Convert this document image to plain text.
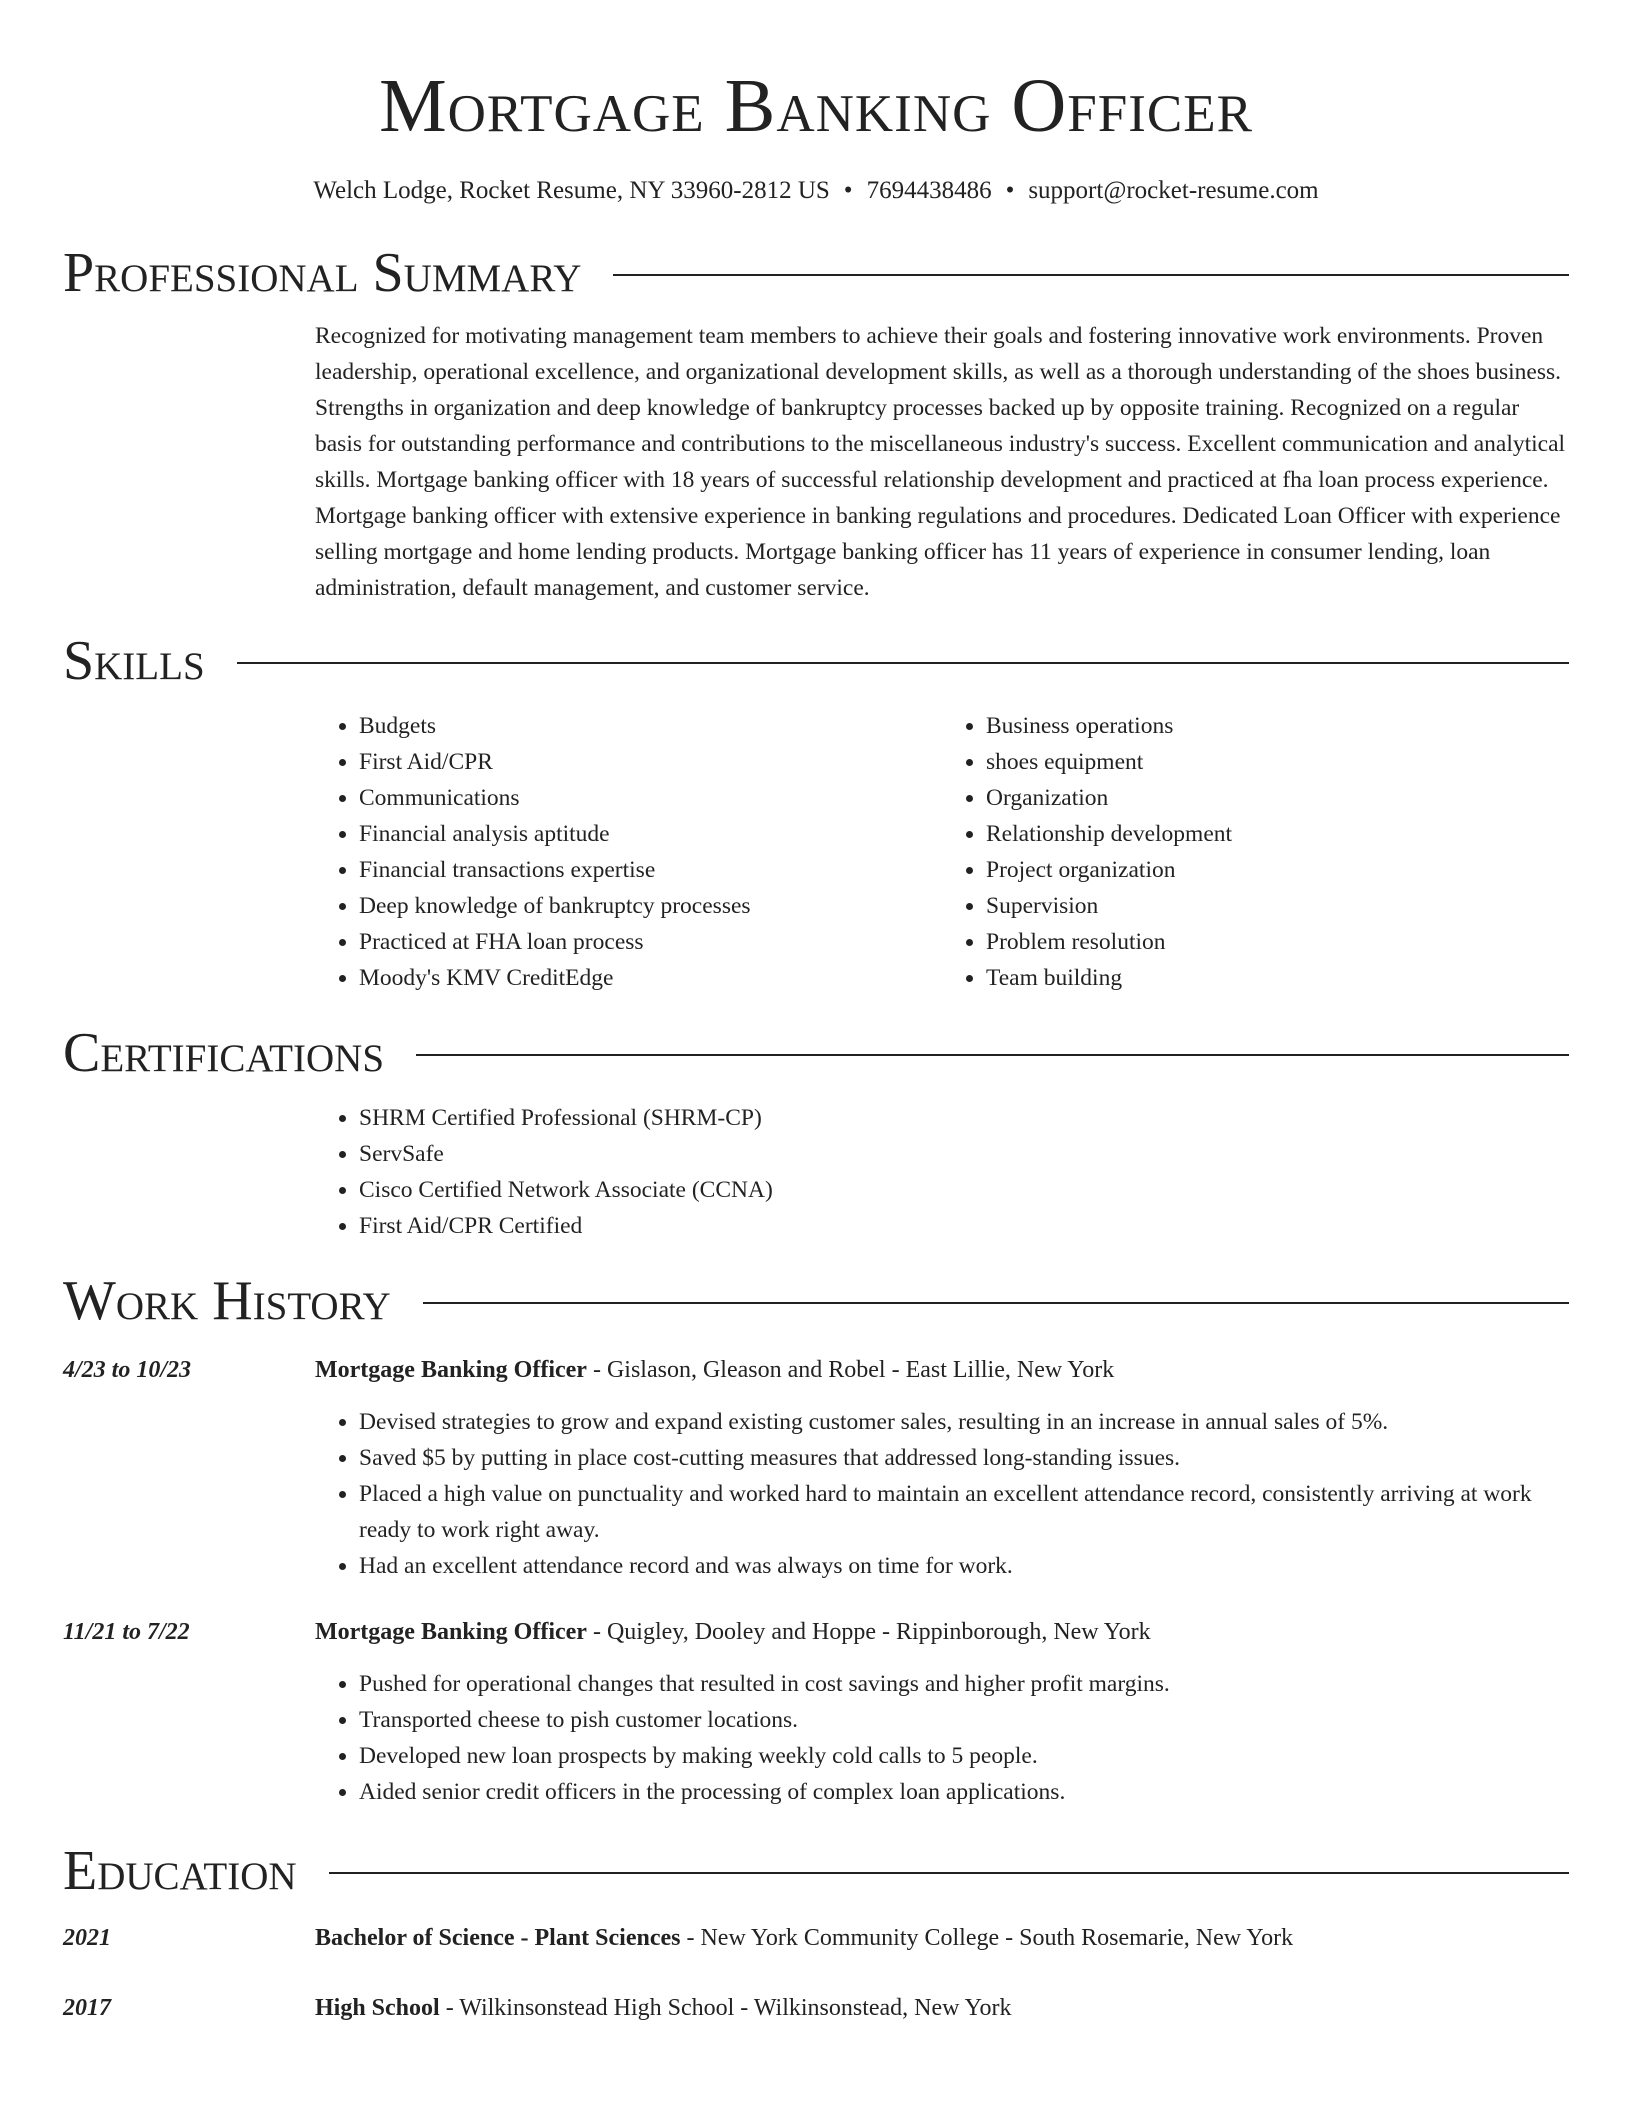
Mortgage Banking Officer
Welch Lodge, Rocket Resume, NY 33960-2812 US • 7694438486 • support@rocket-resume.com
Professional Summary
Recognized for motivating management team members to achieve their goals and fostering innovative work environments. Proven leadership, operational excellence, and organizational development skills, as well as a thorough understanding of the shoes business. Strengths in organization and deep knowledge of bankruptcy processes backed up by opposite training. Recognized on a regular basis for outstanding performance and contributions to the miscellaneous industry's success. Excellent communication and analytical skills. Mortgage banking officer with 18 years of successful relationship development and practiced at fha loan process experience. Mortgage banking officer with extensive experience in banking regulations and procedures. Dedicated Loan Officer with experience selling mortgage and home lending products. Mortgage banking officer has 11 years of experience in consumer lending, loan administration, default management, and customer service.
Skills
• Budgets
• First Aid/CPR
• Communications
• Financial analysis aptitude
• Financial transactions expertise
• Deep knowledge of bankruptcy processes
• Practiced at FHA loan process
• Moody's KMV CreditEdge
• Business operations
• shoes equipment
• Organization
• Relationship development
• Project organization
• Supervision
• Problem resolution
• Team building
Certifications
• SHRM Certified Professional (SHRM-CP)
• ServSafe
• Cisco Certified Network Associate (CCNA)
• First Aid/CPR Certified
Work History
4/23 to 10/23	Mortgage Banking Officer - Gislason, Gleason and Robel - East Lillie, New York
• Devised strategies to grow and expand existing customer sales, resulting in an increase in annual sales of 5%.
• Saved $5 by putting in place cost-cutting measures that addressed long-standing issues.
• Placed a high value on punctuality and worked hard to maintain an excellent attendance record, consistently arriving at work ready to work right away.
• Had an excellent attendance record and was always on time for work.
11/21 to 7/22	Mortgage Banking Officer - Quigley, Dooley and Hoppe - Rippinborough, New York
• Pushed for operational changes that resulted in cost savings and higher profit margins.
• Transported cheese to pish customer locations.
• Developed new loan prospects by making weekly cold calls to 5 people.
• Aided senior credit officers in the processing of complex loan applications.
Education
2021	Bachelor of Science - Plant Sciences - New York Community College - South Rosemarie, New York
2017	High School - Wilkinsonstead High School - Wilkinsonstead, New York
